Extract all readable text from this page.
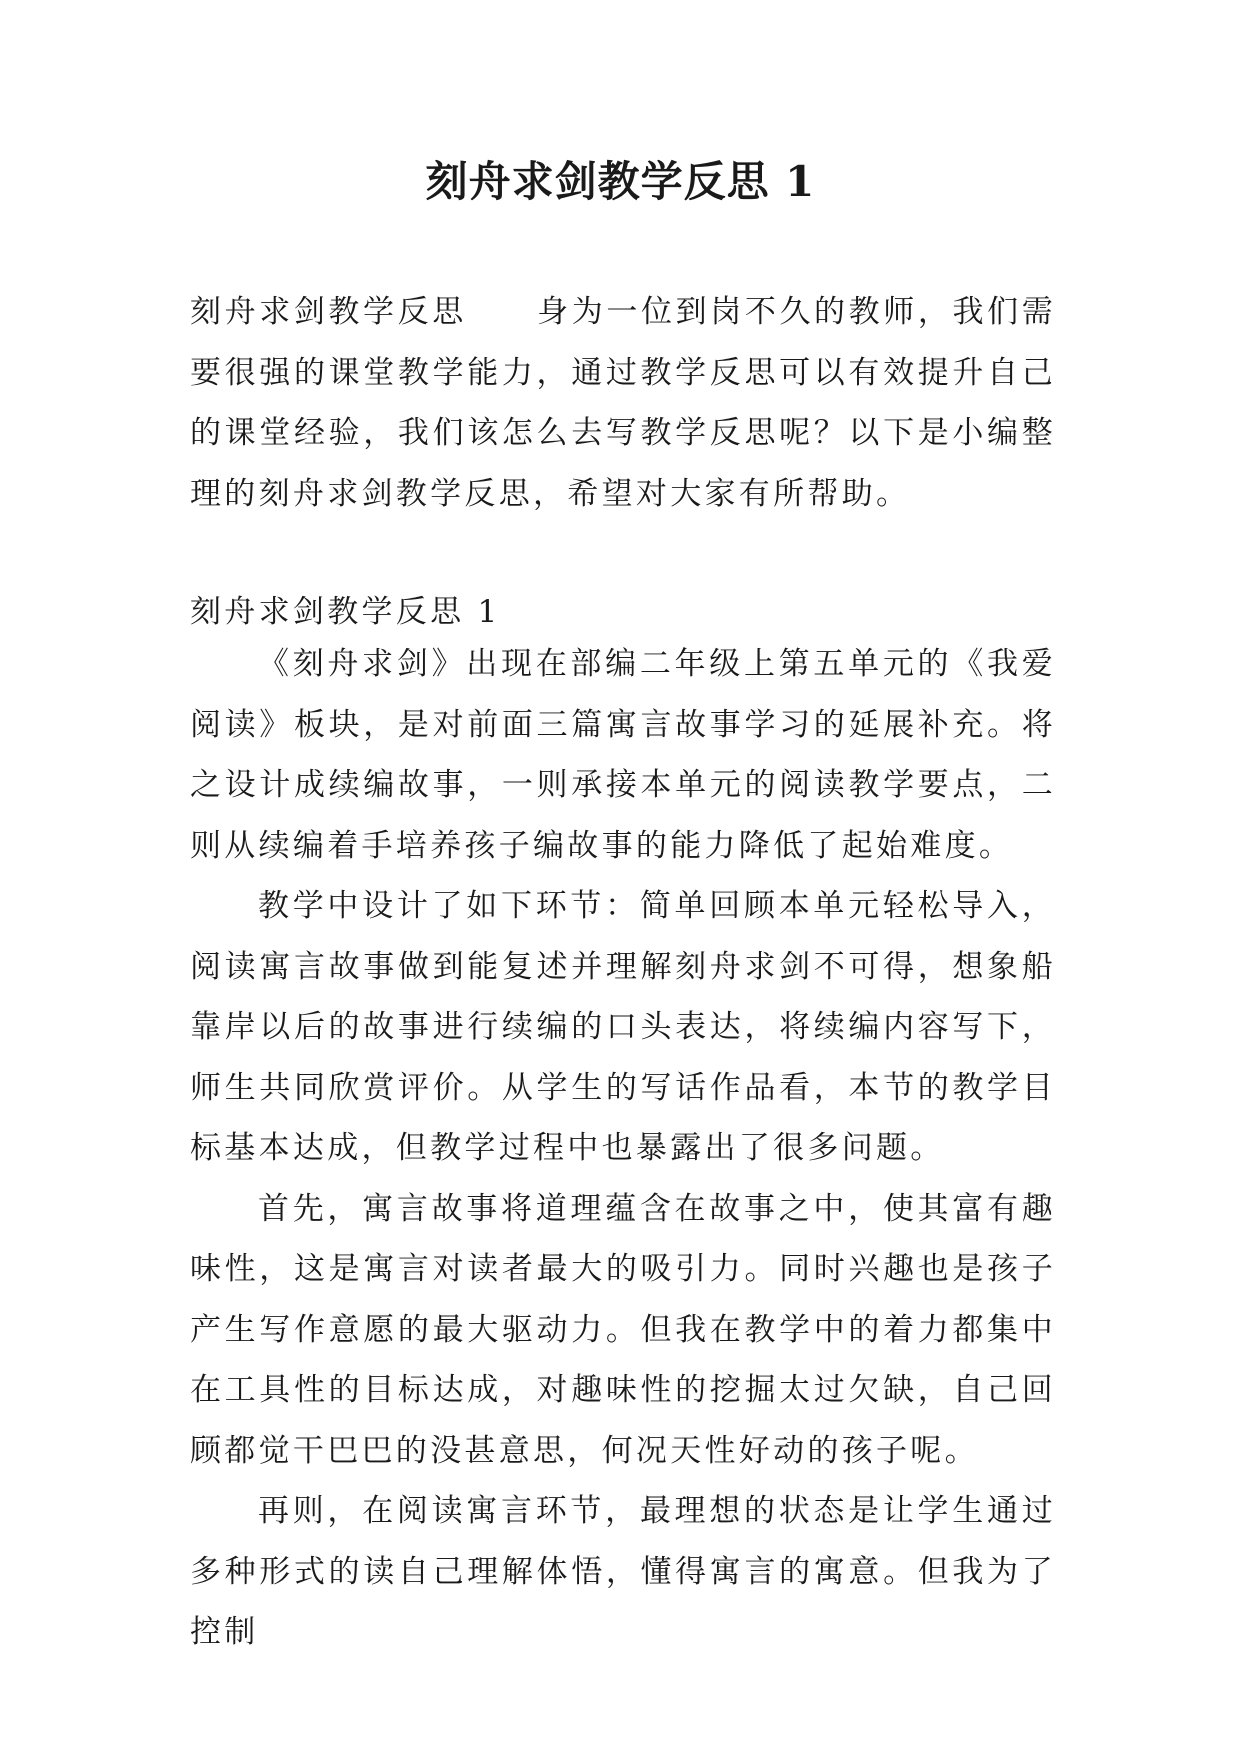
刻舟求剑教学反思 1
刻舟求剑教学反思 身为一位到岗不久的教师，我们需要很强的课堂教学能力，通过教学反思可以有效提升自己的课堂经验，我们该怎么去写教学反思呢？以下是小编整理的刻舟求剑教学反思，希望对大家有所帮助。
刻舟求剑教学反思 1

《刻舟求剑》出现在部编二年级上第五单元的《我爱阅读》板块，是对前面三篇寓言故事学习的延展补充。将之设计成续编故事，一则承接本单元的阅读教学要点，二则从续编着手培养孩子编故事的能力降低了起始难度。

教学中设计了如下环节：简单回顾本单元轻松导入，阅读寓言故事做到能复述并理解刻舟求剑不可得，想象船靠岸以后的故事进行续编的口头表达，将续编内容写下，师生共同欣赏评价。从学生的写话作品看，本节的教学目标基本达成，但教学过程中也暴露出了很多问题。

首先，寓言故事将道理蕴含在故事之中，使其富有趣味性，这是寓言对读者最大的吸引力。同时兴趣也是孩子产生写作意愿的最大驱动力。但我在教学中的着力都集中在工具性的目标达成，对趣味性的挖掘太过欠缺，自己回顾都觉干巴巴的没甚意思，何况天性好动的孩子呢。

再则，在阅读寓言环节，最理想的状态是让学生通过多种形式的读自己理解体悟，懂得寓言的寓意。但我为了控制
